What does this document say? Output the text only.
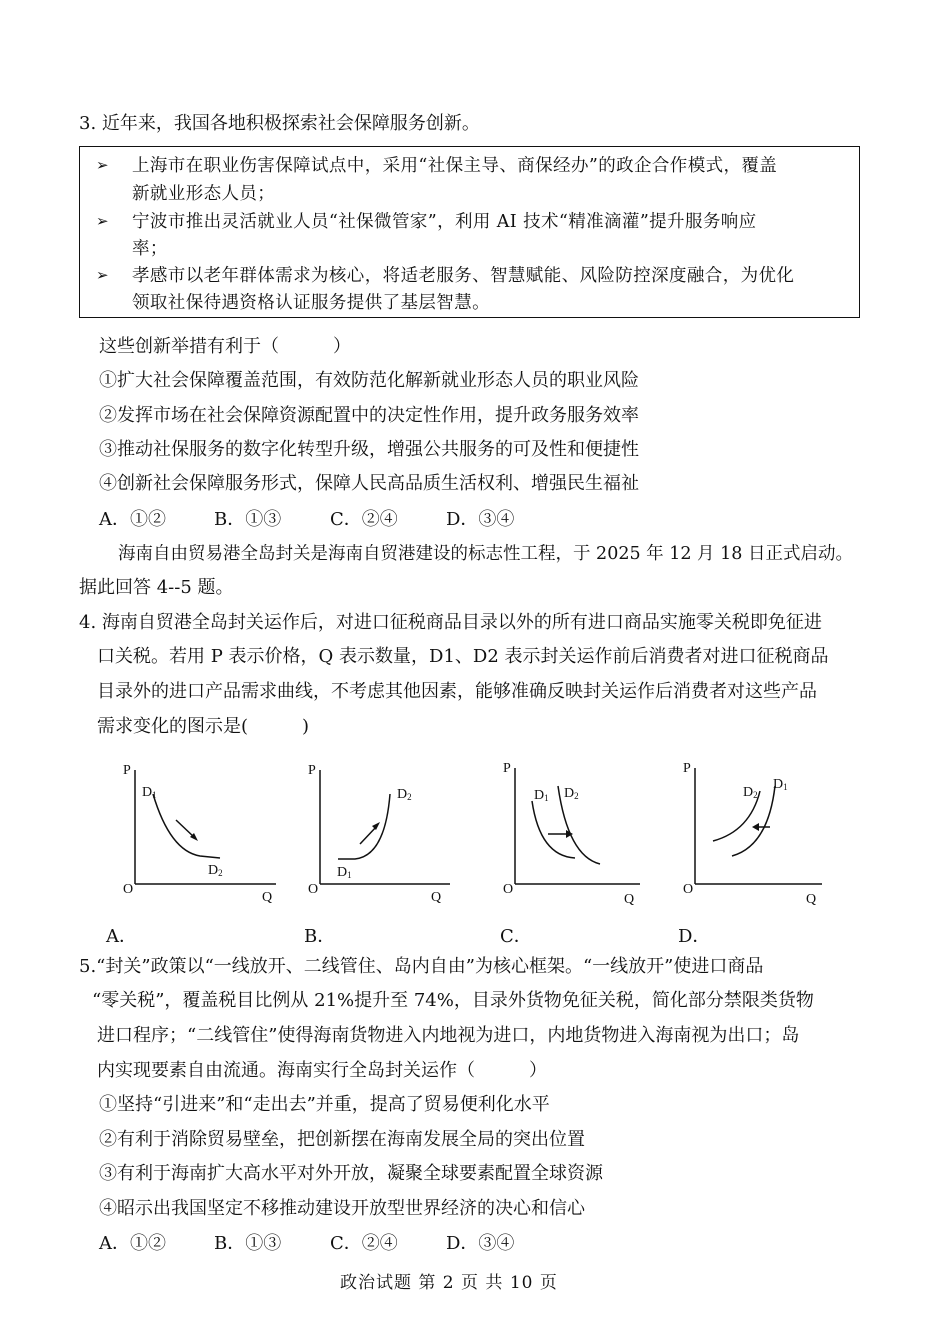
3. 近年来，我国各地积极探索社会保障服务创新。
➢ 上海市在职业伤害保障试点中，采用“社保主导、商保经办”的政企合作模式，覆盖
新就业形态人员；
➢ 宁波市推出灵活就业人员“社保微管家”，利用 AI 技术“精准滴灌”提升服务响应
率；
➢ 孝感市以老年群体需求为核心，将适老服务、智慧赋能、风险防控深度融合，为优化
领取社保待遇资格认证服务提供了基层智慧。
这些创新举措有利于（　　　）
①扩大社会保障覆盖范围，有效防范化解新就业形态人员的职业风险
②发挥市场在社会保障资源配置中的决定性作用，提升政务服务效率
③推动社保服务的数字化转型升级，增强公共服务的可及性和便捷性
④创新社会保障服务形式，保障人民高品质生活权利、增强民生福祉
A．①②	B．①③	C．②④	D．③④
海南自由贸易港全岛封关是海南自贸港建设的标志性工程，于 2025 年 12 月 18 日正式启动。
据此回答 4--5 题。
4. 海南自贸港全岛封关运作后，对进口征税商品目录以外的所有进口商品实施零关税即免征进
口关税。若用 P 表示价格，Q 表示数量，D1、D2 表示封关运作前后消费者对进口征税商品
目录外的进口产品需求曲线，不考虑其他因素，能够准确反映封关运作后消费者对这些产品
需求变化的图示是(　　　)
P
Q
O
D1
D2
P
Q
O
D2
D1
P
Q
O
D1 D2
P
Q
O
D2
D1
A．	B．	C．	D．
5.“封关”政策以“一线放开、二线管住、岛内自由”为核心框架。“一线放开”使进口商品
“零关税”，覆盖税目比例从 21%提升至 74%，目录外货物免征关税，简化部分禁限类货物
进口程序；“二线管住”使得海南货物进入内地视为进口，内地货物进入海南视为出口；岛
内实现要素自由流通。海南实行全岛封关运作（　　　）
①坚持“引进来”和“走出去”并重，提高了贸易便利化水平
②有利于消除贸易壁垒，把创新摆在海南发展全局的突出位置
③有利于海南扩大高水平对外开放，凝聚全球要素配置全球资源
④昭示出我国坚定不移推动建设开放型世界经济的决心和信心
A．①②	B．①③	C．②④	D．③④
政治试题 第 2 页 共 10 页
